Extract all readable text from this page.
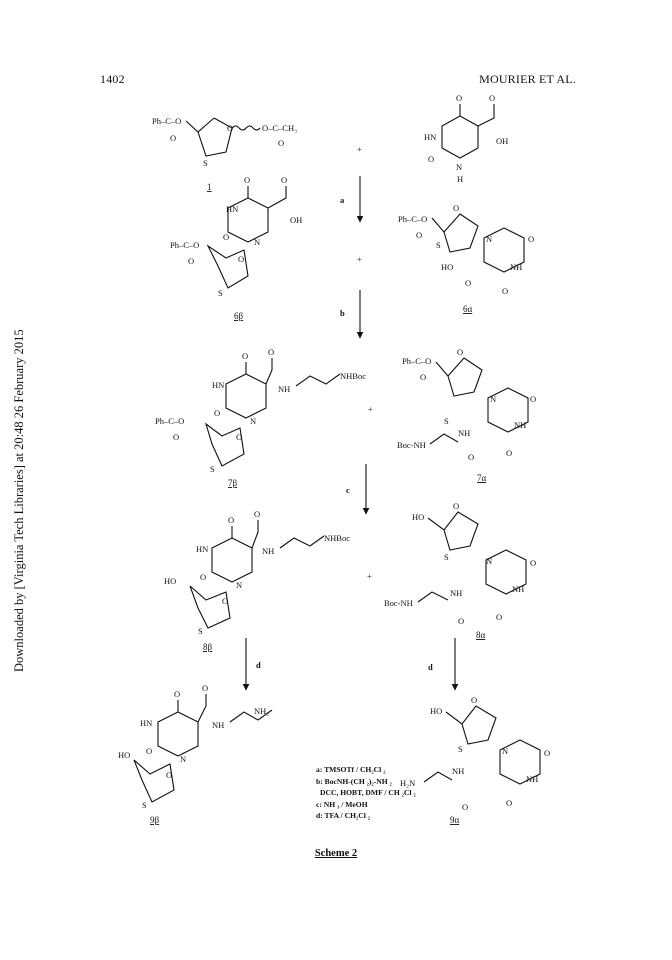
1402	MOURIER ET AL.
Downloaded by [Virginia Tech Libraries] at 20:48 26 February 2015
Ph–C–O
O
O
S
O–C–CH₃
O
1
+
O
HN
O
OH
O
N
H
a
O
HN
O
OH
O	N
Ph–C–O
O	O
S
6β
+
Ph–C–O
O
O
S
N	O
NH
HO
O
O
6α
b
O
HN
O
NH
NHBoc
O
N
Ph–C–O
O	O
S
7β
+
Ph–C–O
O
O
S
N	O
NH
Boc-NH
NH
O	O
7α
c
O
HN
O
NH
NHBoc
O
N
HO
O
S
8β
+
HO
O
S	N	O
NH
Boc-NH
NH
O	O
8α
d	d
O
HN
O
NH
NH₂
O
N
HO
O
S
9β
HO
O
S	N	O
NH
H₂N
NH
O	O
9α
a: TMSOTf / CH₂Cl ₂
b: BocNH-(CH ₂)₂-NH ₂
DCC, HOBT, DMF / CH ₂Cl ₂
c: NH ₃ / MeOH
d: TFA / CH₂Cl ₂
Scheme 2
